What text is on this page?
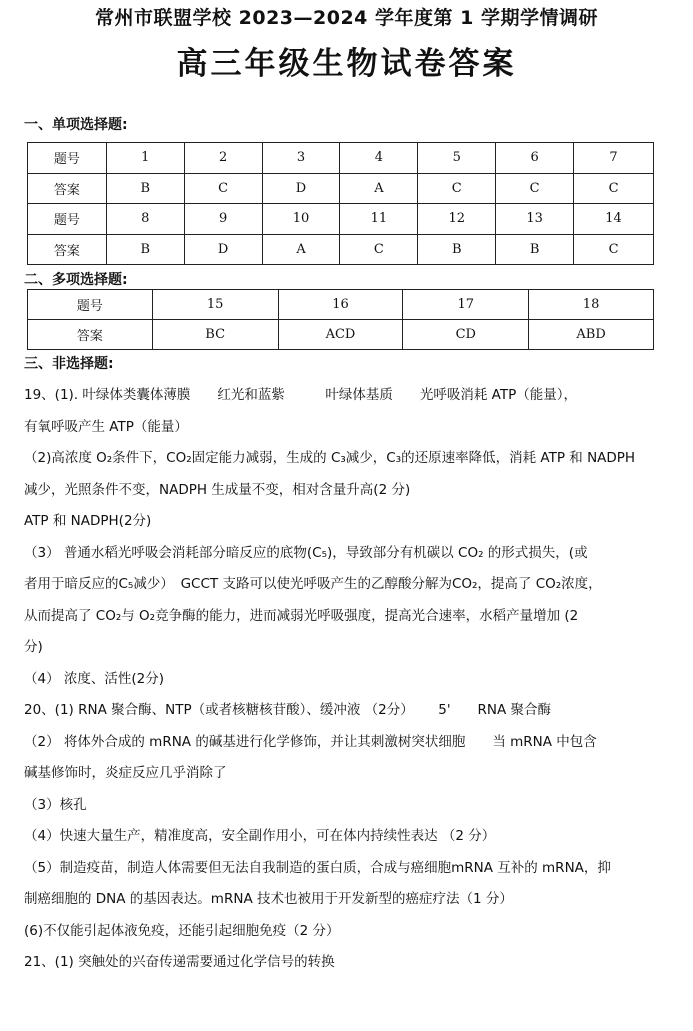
常州市联盟学校 2023—2024 学年度第 1 学期学情调研
高三年级生物试卷答案
一、单项选择题:
题号	1	2	3	4	5	6	7
答案	B	C	D	A	C	C	C
题号	8	9	10	11	12	13	14
答案	B	D	A	C	B	B	C
二、多项选择题:
题号	15	16	17	18
答案	BC	ACD	CD	ABD
三、非选择题:

19、(1). 叶绿体类囊体薄膜　　红光和蓝紫　　　叶绿体基质　　光呼吸消耗 ATP（能量），

有氧呼吸产生 ATP（能量）

（2)高浓度 O₂条件下，CO₂固定能力减弱，生成的 C₃减少，C₃的还原速率降低，消耗 ATP 和 NADPH

减少，光照条件不变，NADPH 生成量不变，相对含量升高(2 分)

ATP 和 NADPH(2分)

（3） 普通水稻光呼吸会消耗部分暗反应的底物(C₅)，导致部分有机碳以 CO₂ 的形式损失，(或

者用于暗反应的C₅减少）　GCCT 支路可以使光呼吸产生的乙醇酸分解为CO₂，提高了 CO₂浓度，

从而提高了 CO₂与 O₂竞争酶的能力，进而减弱光呼吸强度，提高光合速率，水稻产量增加 (2

分)

（4） 浓度、活性(2分)

20、(1) RNA 聚合酶、NTP（或者核糖核苷酸）、缓冲液 （2分）　　 5'　　RNA 聚合酶

（2） 将体外合成的 mRNA 的碱基进行化学修饰，并让其刺激树突状细胞　　当 mRNA 中包含

碱基修饰时，炎症反应几乎消除了

（3）核孔

（4）快速大量生产，精准度高，安全副作用小，可在体内持续性表达 （2 分）

（5）制造疫苗，制造人体需要但无法自我制造的蛋白质，合成与癌细胞mRNA 互补的 mRNA，抑

制癌细胞的 DNA 的基因表达。mRNA 技术也被用于开发新型的癌症疗法（1 分）

(6)不仅能引起体液免疫，还能引起细胞免疫（2 分）

21、(1) 突触处的兴奋传递需要通过化学信号的转换
